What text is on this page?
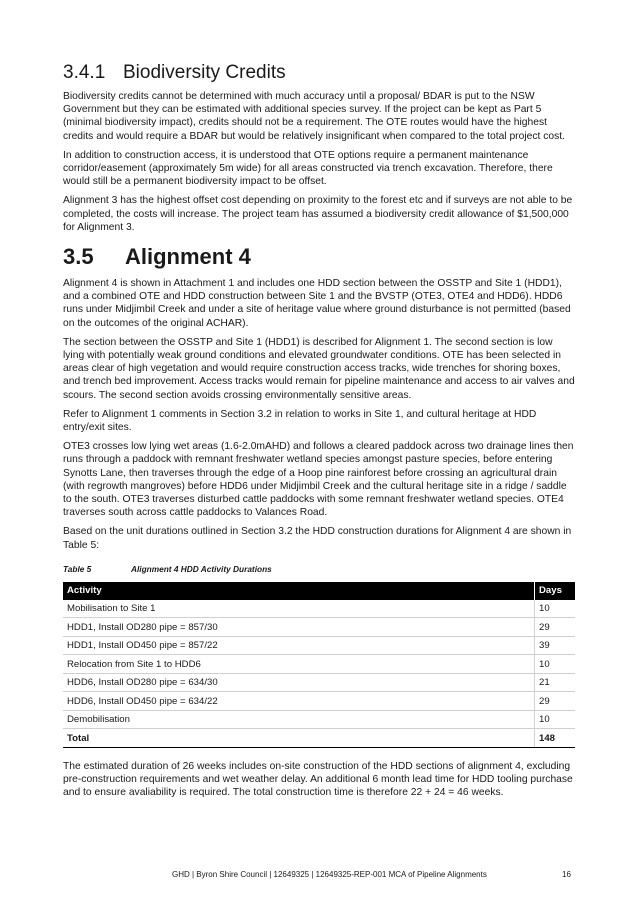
3.4.1 Biodiversity Credits

Biodiversity credits cannot be determined with much accuracy until a proposal/ BDAR is put to the NSW Government but they can be estimated with additional species survey. If the project can be kept as Part 5 (minimal biodiversity impact), credits should not be a requirement. The OTE routes would have the highest credits and would require a BDAR but would be relatively insignificant when compared to the total project cost.

In addition to construction access, it is understood that OTE options require a permanent maintenance corridor/easement (approximately 5m wide) for all areas constructed via trench excavation. Therefore, there would still be a permanent biodiversity impact to be offset.

Alignment 3 has the highest offset cost depending on proximity to the forest etc and if surveys are not able to be completed, the costs will increase. The project team has assumed a biodiversity credit allowance of $1,500,000 for Alignment 3.

3.5	Alignment 4

Alignment 4 is shown in Attachment 1 and includes one HDD section between the OSSTP and Site 1 (HDD1), and a combined OTE and HDD construction between Site 1 and the BVSTP (OTE3, OTE4 and HDD6). HDD6 runs under Midjimbil Creek and under a site of heritage value where ground disturbance is not permitted (based on the outcomes of the original ACHAR).

The section between the OSSTP and Site 1 (HDD1) is described for Alignment 1. The second section is low lying with potentially weak ground conditions and elevated groundwater conditions. OTE has been selected in areas clear of high vegetation and would require construction access tracks, wide trenches for shoring boxes, and trench bed improvement. Access tracks would remain for pipeline maintenance and access to air valves and scours. The second section avoids crossing environmentally sensitive areas.

Refer to Alignment 1 comments in Section 3.2 in relation to works in Site 1, and cultural heritage at HDD entry/exit sites.

OTE3 crosses low lying wet areas (1.6-2.0mAHD) and follows a cleared paddock across two drainage lines then runs through a paddock with remnant freshwater wetland species amongst pasture species, before entering Synotts Lane, then traverses through the edge of a Hoop pine rainforest before crossing an agricultural drain (with regrowth mangroves) before HDD6 under Midjimbil Creek and the cultural heritage site in a ridge / saddle to the south. OTE3 traverses disturbed cattle paddocks with some remnant freshwater wetland species. OTE4 traverses south across cattle paddocks to Valances Road.

Based on the unit durations outlined in Section 3.2 the HDD construction durations for Alignment 4 are shown in Table 5:

Table 5	Alignment 4 HDD Activity Durations
Activity	Days
Mobilisation to Site 1	10
HDD1, Install OD280 pipe = 857/30	29
HDD1, Install OD450 pipe = 857/22	39
Relocation from Site 1 to HDD6	10
HDD6, Install OD280 pipe = 634/30	21
HDD6, Install OD450 pipe = 634/22	29
Demobilisation	10
Total	148

The estimated duration of 26 weeks includes on-site construction of the HDD sections of alignment 4, excluding pre-construction requirements and wet weather delay. An additional 6 month lead time for HDD tooling purchase and to ensure avaliability is required. The total construction time is therefore 22 + 24 = 46 weeks.

GHD | Byron Shire Council | 12649325 | 12649325-REP-001 MCA of Pipeline Alignments	16
